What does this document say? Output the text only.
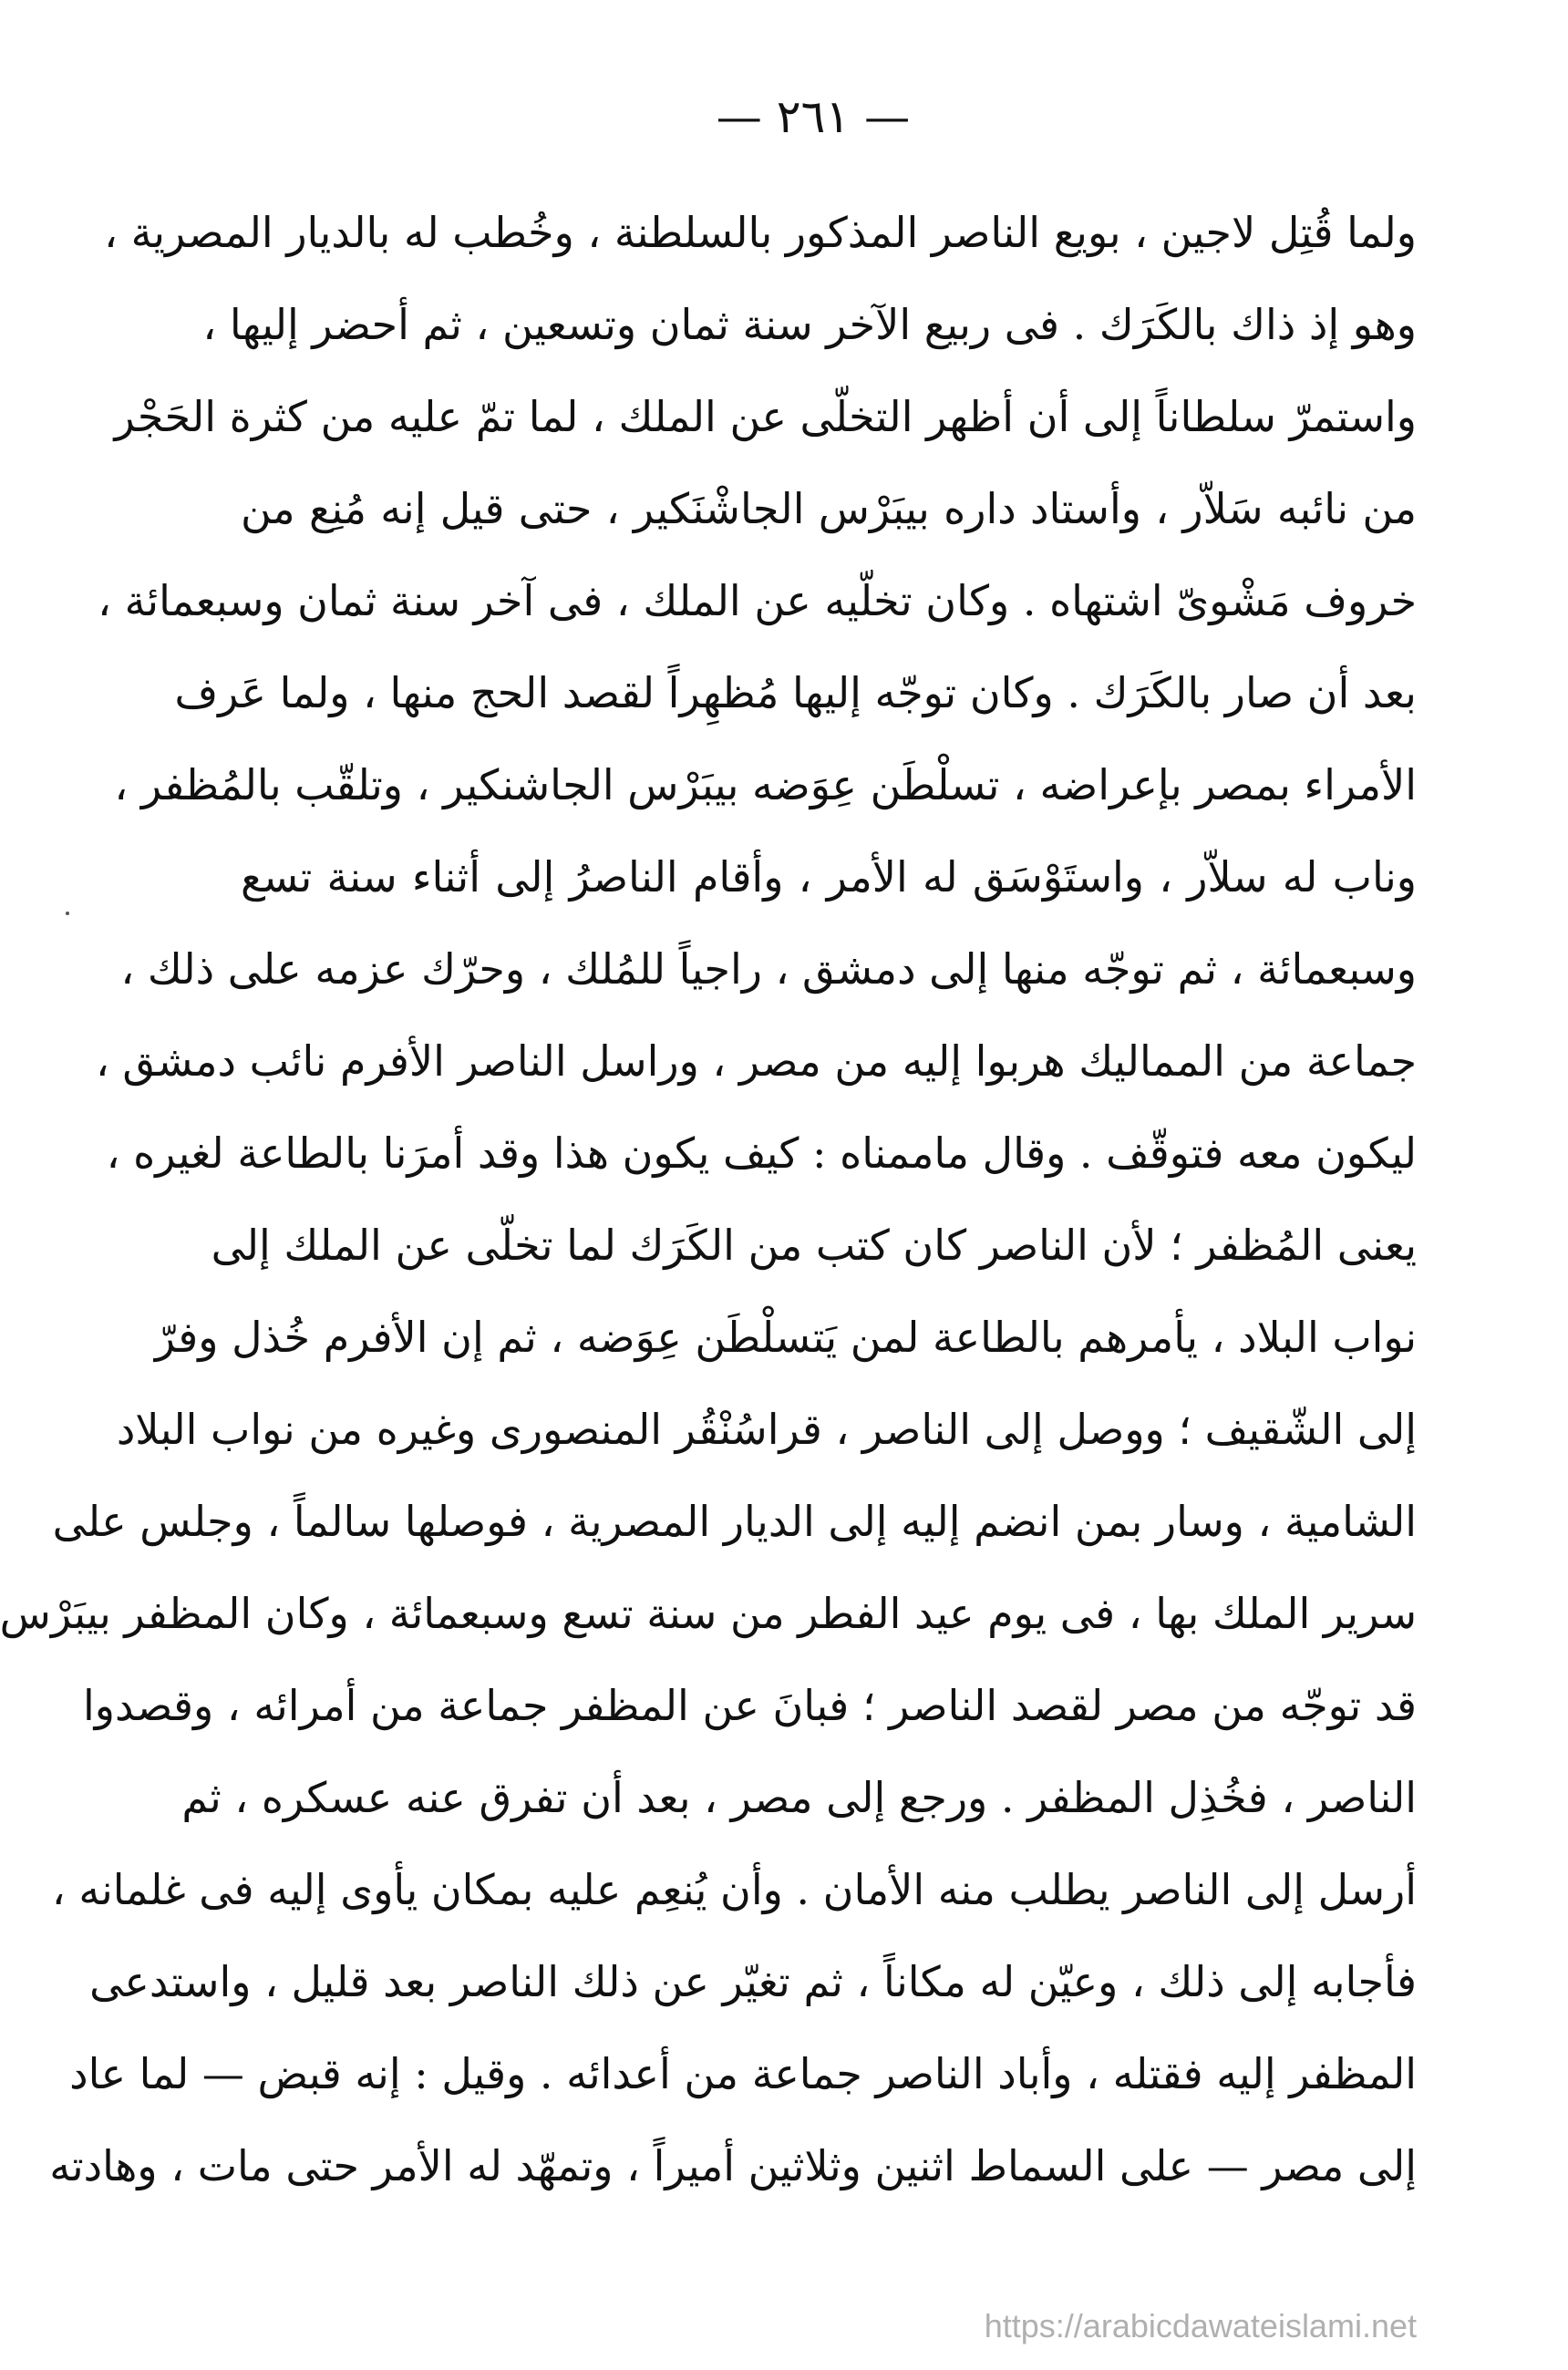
— ٢٦١ —
ولما قُتِل لاجين ، بويع الناصر المذكور بالسلطنة ، وخُطب له بالديار المصرية ،
وهو إذ ذاك بالكَرَك . فى ربيع الآخر سنة ثمان وتسعين ، ثم أحضر إليها ،
واستمرّ سلطاناً إلى أن أظهر التخلّى عن الملك ، لما تمّ عليه من كثرة الحَجْر
من نائبه سَلاّر ، وأستاد داره بيبَرْس الجاشْنَكير ، حتى قيل إنه مُنِع من
خروف مَشْوىّ اشتهاه . وكان تخلّيه عن الملك ، فى آخر سنة ثمان وسبعمائة ،
بعد أن صار بالكَرَك . وكان توجّه إليها مُظهِراً لقصد الحج منها ، ولما عَرف
الأمراء بمصر بإعراضه ، تسلْطَن عِوَضه بيبَرْس الجاشنكير ، وتلقّب بالمُظفر ،
وناب له سلاّر ، واستَوْسَق له الأمر ، وأقام الناصرُ إلى أثناء سنة تسع
وسبعمائة ، ثم توجّه منها إلى دمشق ، راجياً للمُلك ، وحرّك عزمه على ذلك ،
جماعة من المماليك هربوا إليه من مصر ، وراسل الناصر الأفرم نائب دمشق ،
ليكون معه فتوقّف . وقال ماممناه : كيف يكون هذا وقد أمرَنا بالطاعة لغيره ،
يعنى المُظفر ؛ لأن الناصر كان كتب من الكَرَك لما تخلّى عن الملك إلى
نواب البلاد ، يأمرهم بالطاعة لمن يَتسلْطَن عِوَضه ، ثم إن الأفرم خُذل وفرّ
إلى الشّقيف ؛ ووصل إلى الناصر ، قراسُنْقُر المنصورى وغيره من نواب البلاد
الشامية ، وسار بمن انضم إليه إلى الديار المصرية ، فوصلها سالماً ، وجلس على
سرير الملك بها ، فى يوم عيد الفطر من سنة تسع وسبعمائة ، وكان المظفر بيبَرْس
قد توجّه من مصر لقصد الناصر ؛ فبانَ عن المظفر جماعة من أمرائه ، وقصدوا
الناصر ، فخُذِل المظفر . ورجع إلى مصر ، بعد أن تفرق عنه عسكره ، ثم
أرسل إلى الناصر يطلب منه الأمان . وأن يُنعِم عليه بمكان يأوى إليه فى غلمانه ،
فأجابه إلى ذلك ، وعيّن له مكاناً ، ثم تغيّر عن ذلك الناصر بعد قليل ، واستدعى
المظفر إليه فقتله ، وأباد الناصر جماعة من أعدائه . وقيل : إنه قبض — لما عاد
إلى مصر — على السماط اثنين وثلاثين أميراً ، وتمهّد له الأمر حتى مات ، وهادته
https://arabicdawateislami.net
